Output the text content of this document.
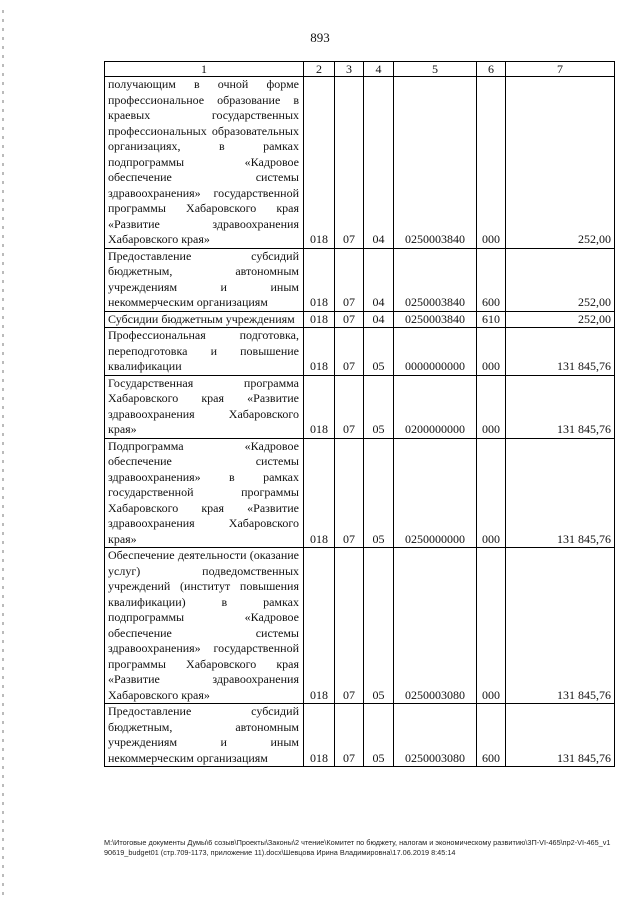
893
1	2	3	4	5	6	7
получающим в очной форме профессиональное образование в краевых государственных профессиональных образовательных организациях, в рамках подпрограммы «Кадровое обеспечение системы здравоохранения» государственной программы Хабаровского края «Развитие здравоохранения Хабаровского края»	018	07	04	0250003840	000	252,00
Предоставление субсидий бюджетным, автономным учреждениям и иным некоммерческим организациям	018	07	04	0250003840	600	252,00
Субсидии бюджетным учреждениям	018	07	04	0250003840	610	252,00
Профессиональная подготовка, переподготовка и повышение квалификации	018	07	05	0000000000	000	131 845,76
Государственная программа Хабаровского края «Развитие здравоохранения Хабаровского края»	018	07	05	0200000000	000	131 845,76
Подпрограмма «Кадровое обеспечение системы здравоохранения» в рамках государственной программы Хабаровского края «Развитие здравоохранения Хабаровского края»	018	07	05	0250000000	000	131 845,76
Обеспечение деятельности (оказание услуг) подведомственных учреждений (институт повышения квалификации) в рамках подпрограммы «Кадровое обеспечение системы здравоохранения» государственной программы Хабаровского края «Развитие здравоохранения Хабаровского края»	018	07	05	0250003080	000	131 845,76
Предоставление субсидий бюджетным, автономным учреждениям и иным некоммерческим организациям	018	07	05	0250003080	600	131 845,76
M:\Итоговые документы Думы\6 созыв\Проекты\Законы\2 чтение\Комитет по бюджету, налогам и экономическому развитию\3П-VI-465\пр2-VI-465_v190619_budget01 (стр.709-1173, приложение 11).docx\Шевцова Ирина Владимировна\17.06.2019 8:45:14
